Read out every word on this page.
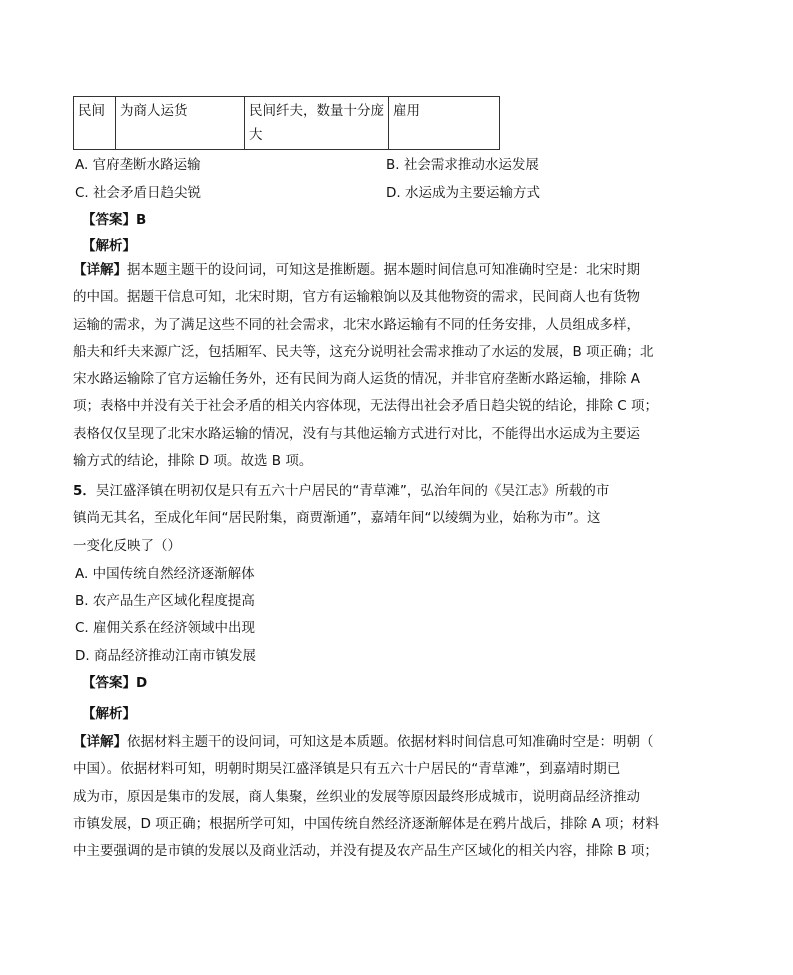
民间	为商人运货	民间纤夫，数量十分庞大	雇用
A. 官府垄断水路运输	B. 社会需求推动水运发展
C. 社会矛盾日趋尖锐	D. 水运成为主要运输方式
【答案】B
【解析】
【详解】据本题主题干的设问词，可知这是推断题。据本题时间信息可知准确时空是：北宋时期
的中国。据题干信息可知，北宋时期，官方有运输粮饷以及其他物资的需求，民间商人也有货物
运输的需求，为了满足这些不同的社会需求，北宋水路运输有不同的任务安排，人员组成多样，
船夫和纤夫来源广泛，包括厢军、民夫等，这充分说明社会需求推动了水运的发展，B 项正确；北
宋水路运输除了官方运输任务外，还有民间为商人运货的情况，并非官府垄断水路运输，排除 A
项；表格中并没有关于社会矛盾的相关内容体现，无法得出社会矛盾日趋尖锐的结论，排除 C 项；
表格仅仅呈现了北宋水路运输的情况，没有与其他运输方式进行对比，不能得出水运成为主要运
输方式的结论，排除 D 项。故选 B 项。
5．吴江盛泽镇在明初仅是只有五六十户居民的“青草滩”，弘治年间的《吴江志》所载的市
镇尚无其名，至成化年间“居民附集，商贾渐通”，嘉靖年间“以绫绸为业，始称为市”。这
一变化反映了（）
A. 中国传统自然经济逐渐解体
B. 农产品生产区域化程度提高
C. 雇佣关系在经济领域中出现
D. 商品经济推动江南市镇发展
【答案】D
【解析】
【详解】依据材料主题干的设问词，可知这是本质题。依据材料时间信息可知准确时空是：明朝（
中国）。依据材料可知，明朝时期吴江盛泽镇是只有五六十户居民的“青草滩”，到嘉靖时期已
成为市，原因是集市的发展，商人集聚，丝织业的发展等原因最终形成城市，说明商品经济推动
市镇发展，D 项正确；根据所学可知，中国传统自然经济逐渐解体是在鸦片战后，排除 A 项；材料
中主要强调的是市镇的发展以及商业活动，并没有提及农产品生产区域化的相关内容，排除 B 项；
